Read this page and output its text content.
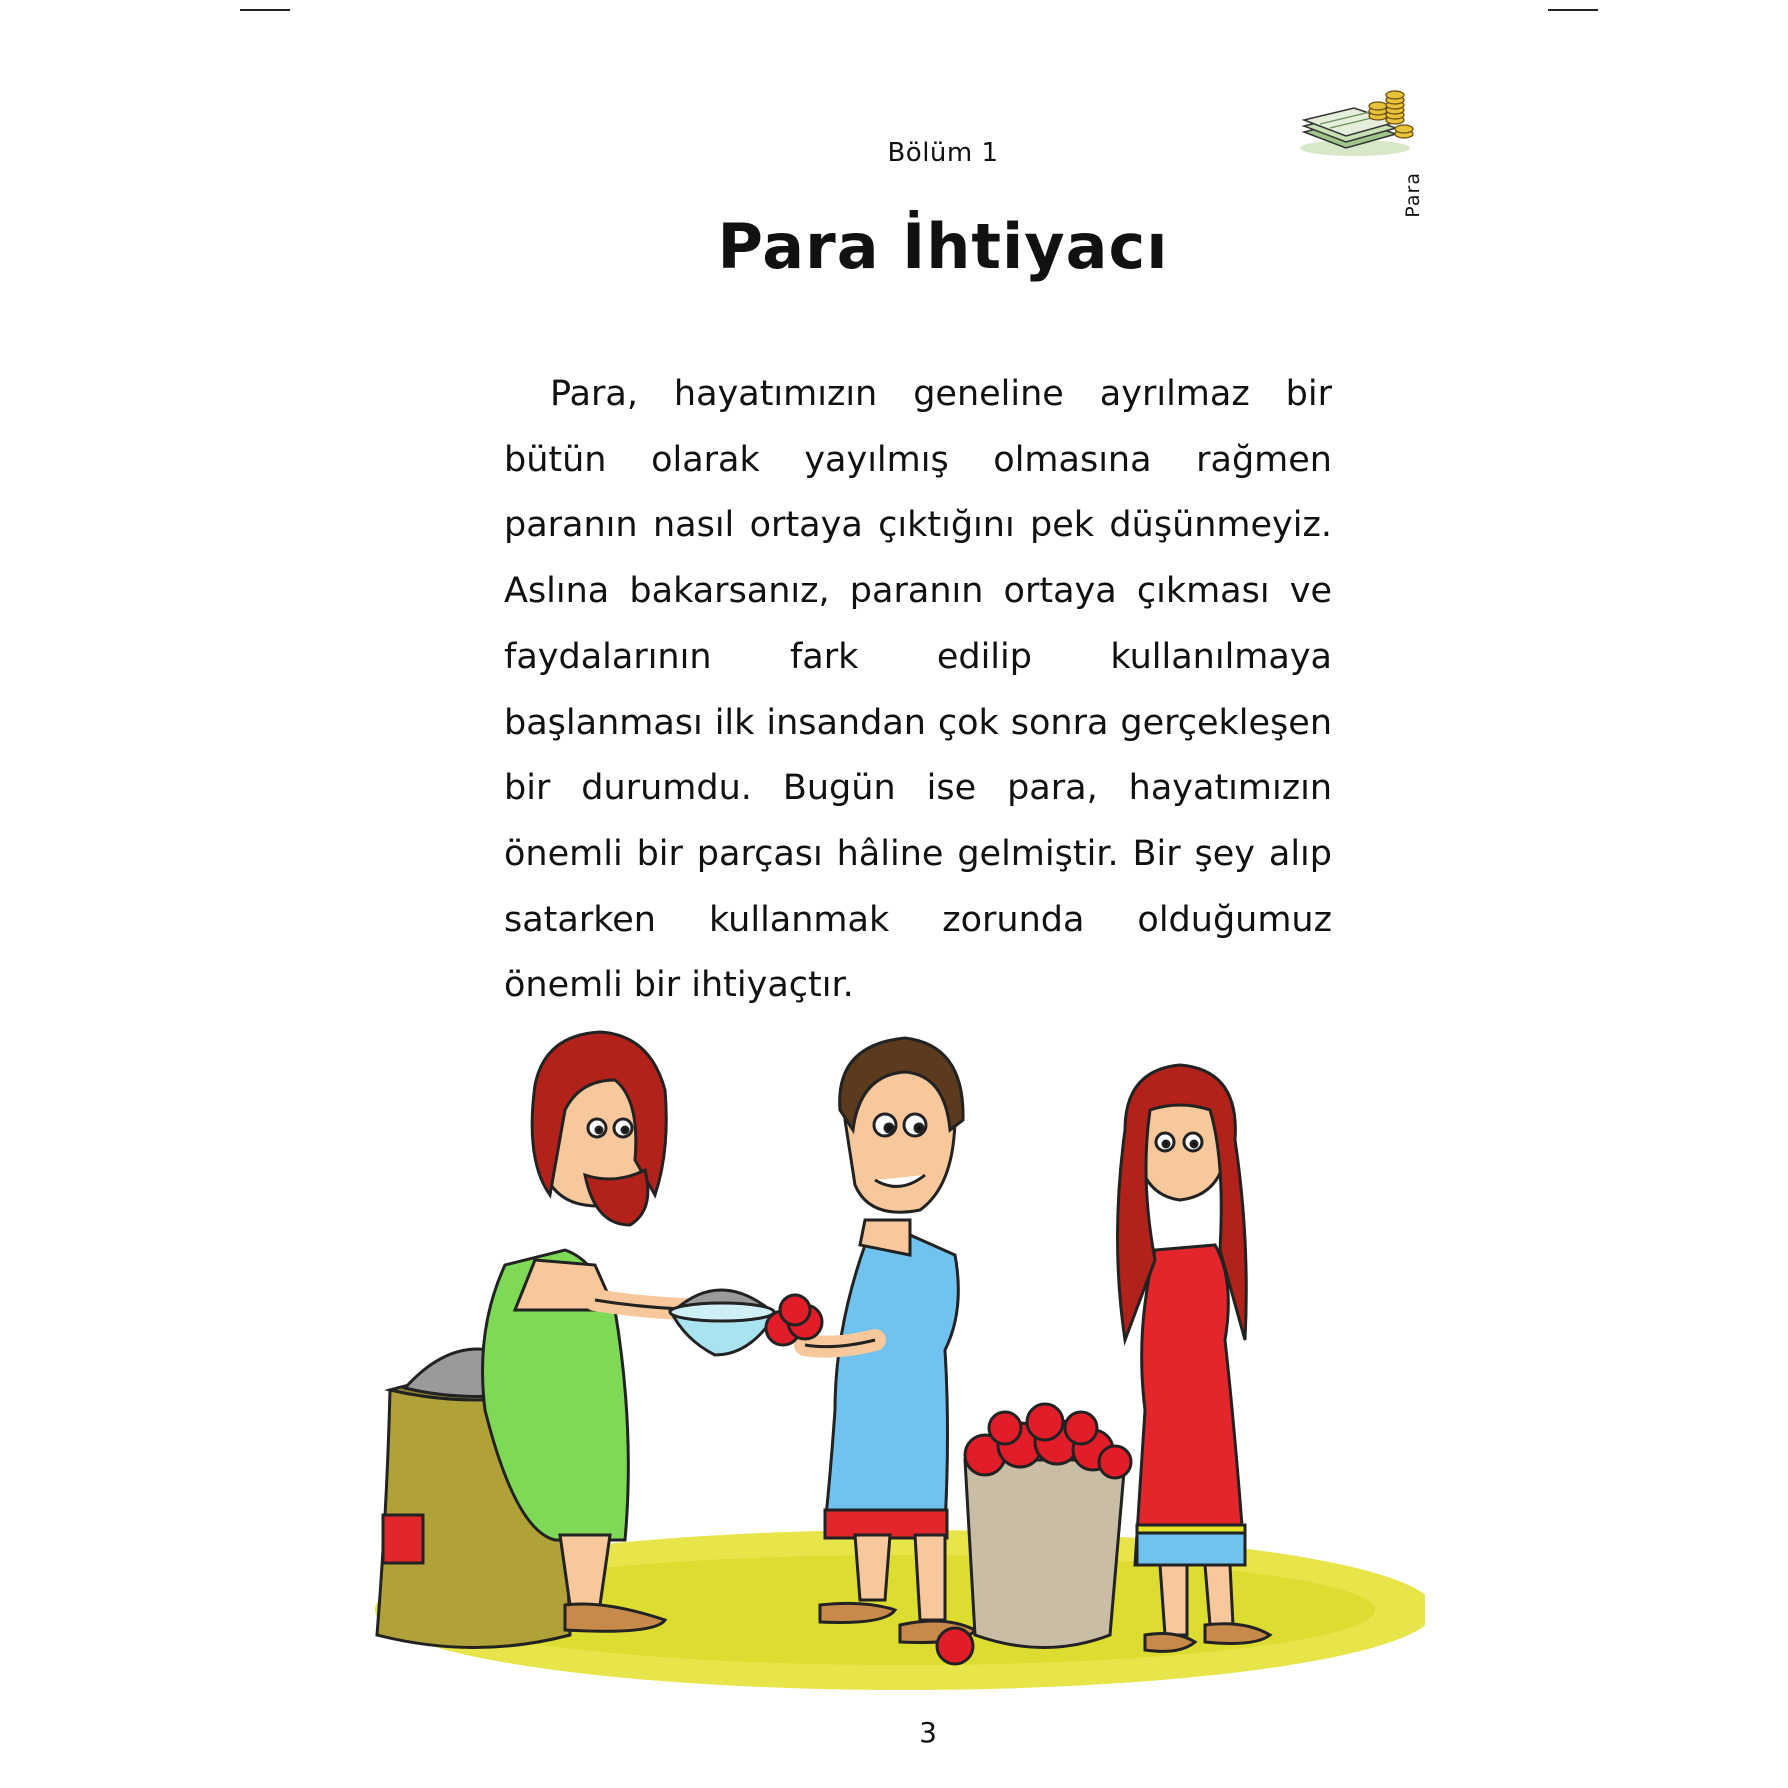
Bölüm 1
Para
Para İhtiyacı
Para, hayatımızın geneline ayrılmaz bir bütün olarak yayılmış olmasına rağmen paranın nasıl ortaya çıktığını pek düşünmeyiz. Aslına bakarsanız, paranın ortaya çıkması ve faydalarının fark edilip kullanılmaya başlanması ilk insandan çok sonra gerçekleşen bir durumdu. Bugün ise para, hayatımızın önemli bir parçası hâline gelmiştir. Bir şey alıp satarken kullanmak zorunda olduğumuz önemli bir ihtiyaçtır.
3
